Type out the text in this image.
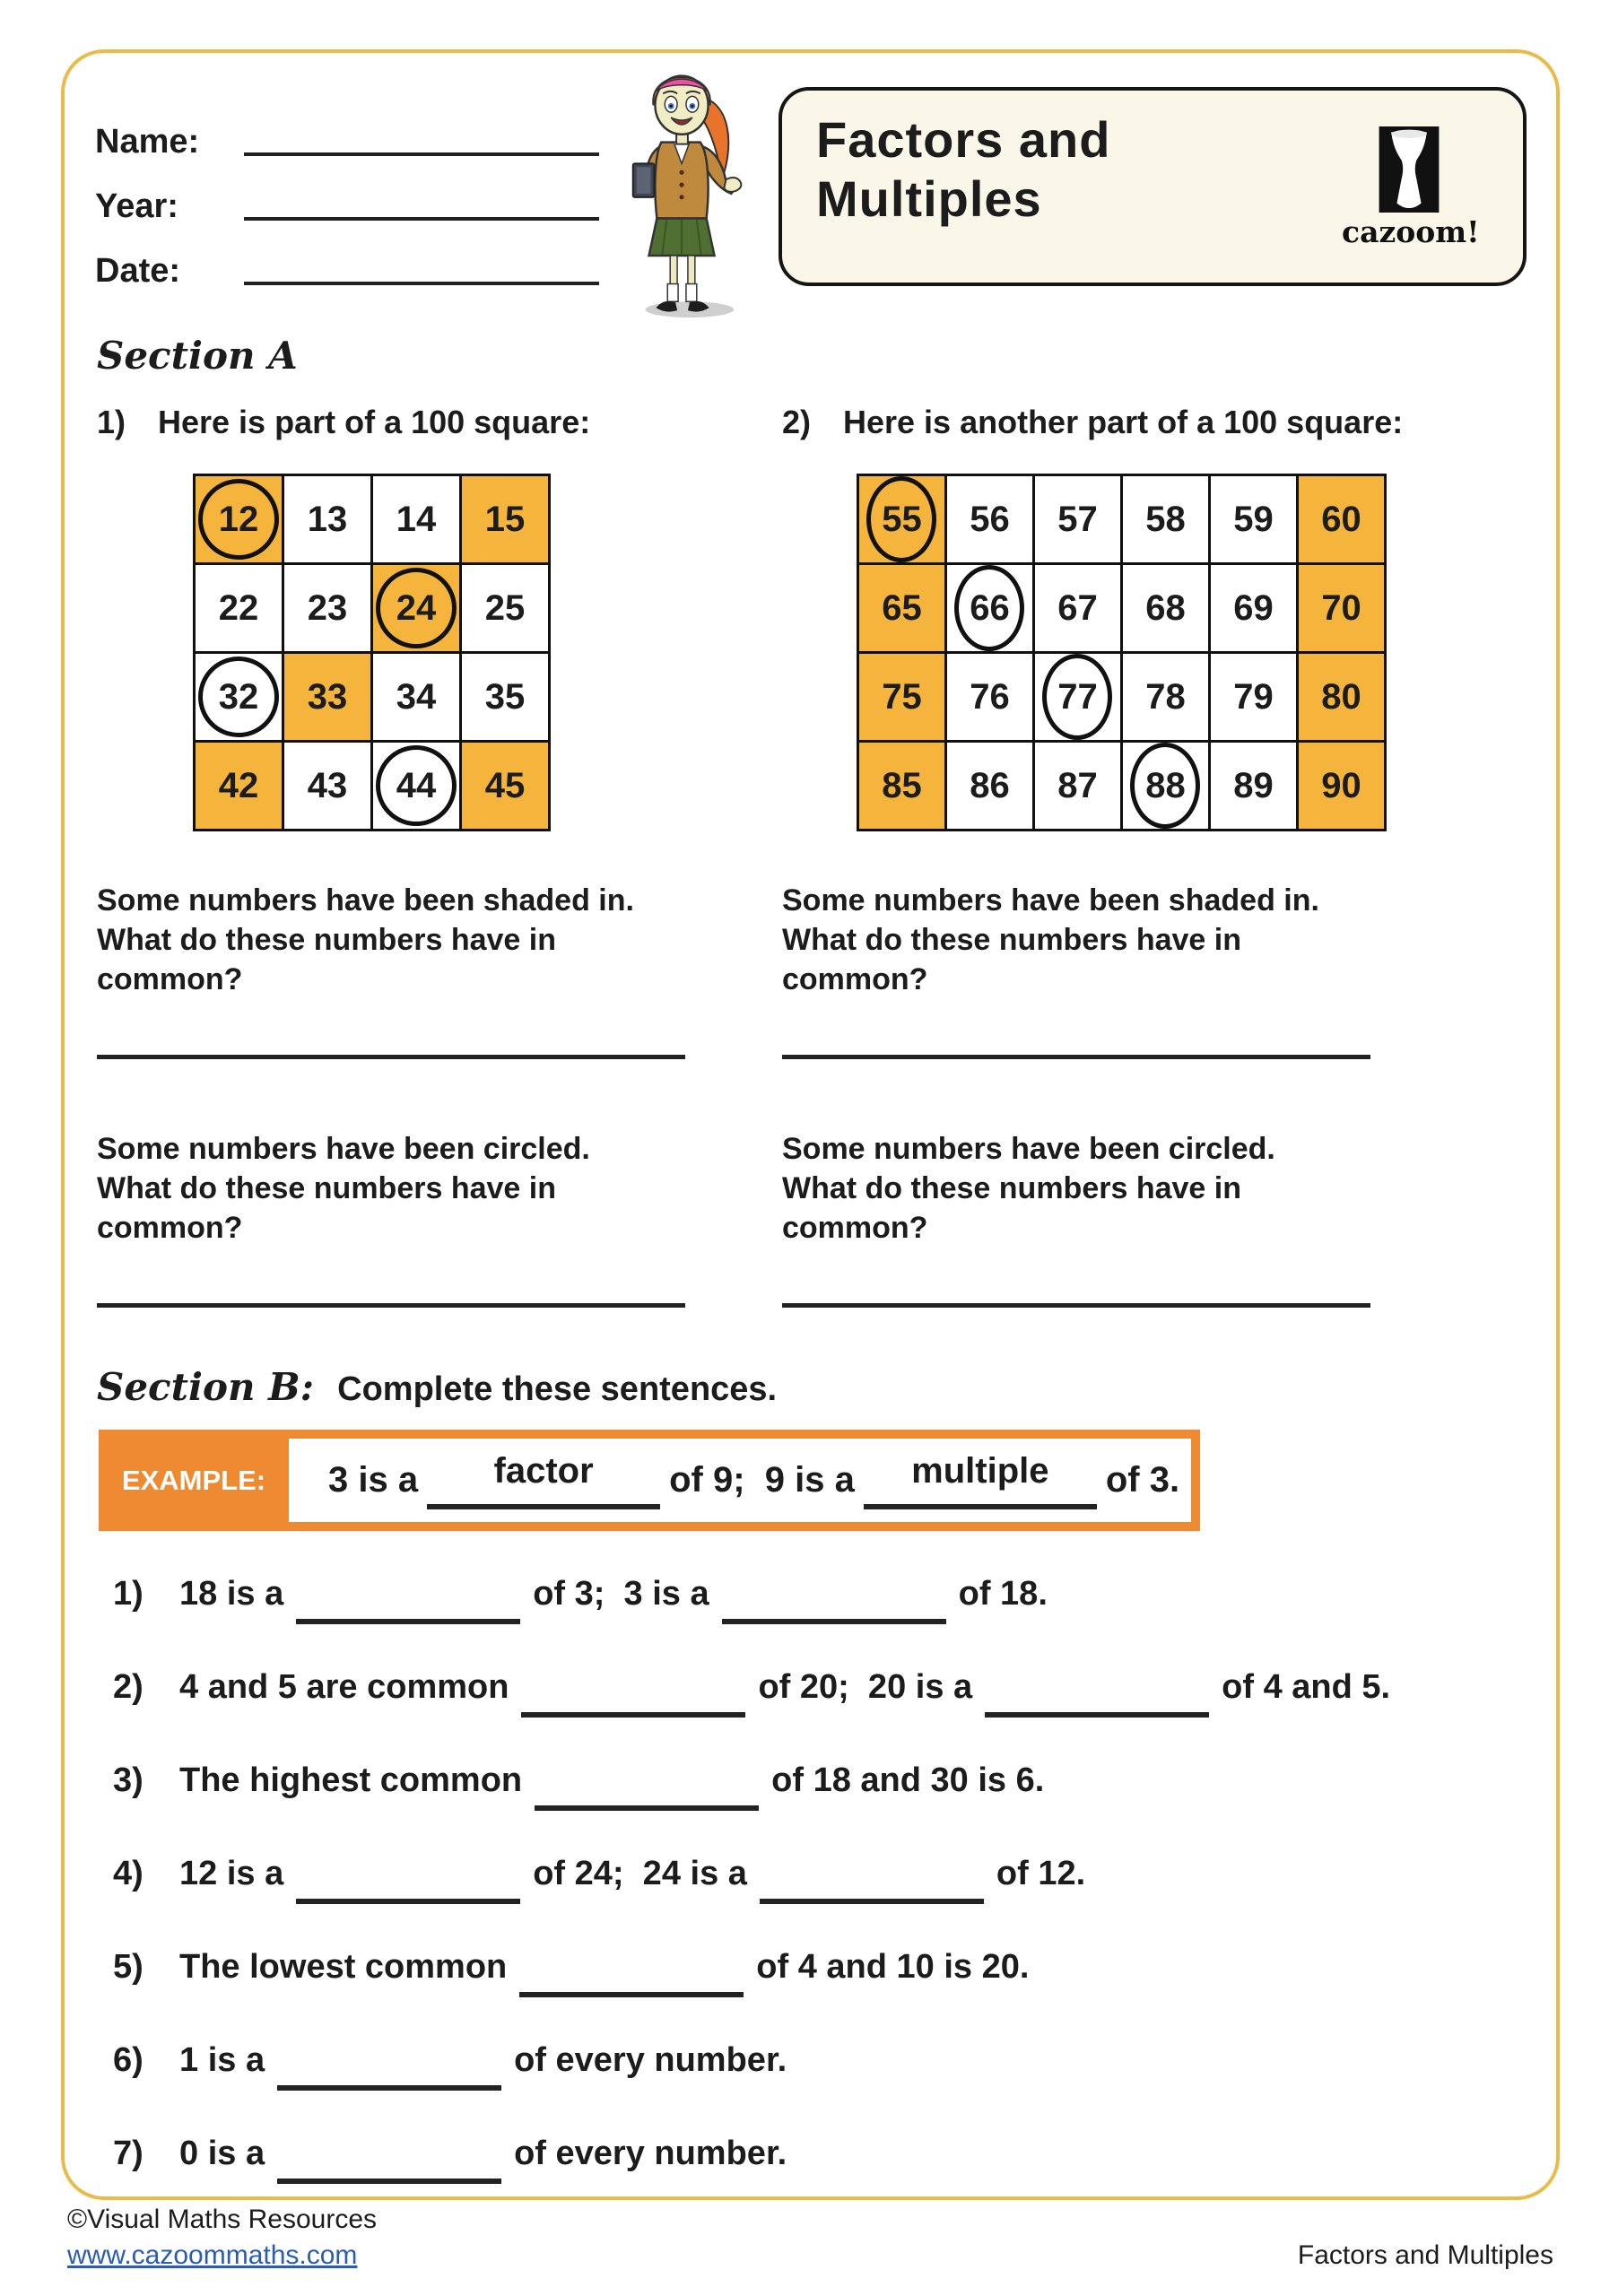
Name:
Year:
Date:
Factors and
Multiples
cazoom!
Section A
1) Here is part of a 100 square:	2) Here is another part of a 100 square:
12 13 14 15
22 23 24 25
32 33 34 35
42 43 44 45
55 56 57 58 59 60
65 66 67 68 69 70
75 76 77 78 79 80
85 86 87 88 89 90
Some numbers have been shaded in.
What do these numbers have in
common?
Some numbers have been circled.
What do these numbers have in
common?
Some numbers have been shaded in.
What do these numbers have in
common?
Some numbers have been circled.
What do these numbers have in
common?
Section B: Complete these sentences.
EXAMPLE:	3 is a	factor	of 9;  9 is a	multiple	of 3.
1)	18 is a	of 3;  3 is a	of 18.
2)	4 and 5 are common	of 20;  20 is a	of 4 and 5.
3)	The highest common	of 18 and 30 is 6.
4)	12 is a	of 24;  24 is a	of 12.
5)	The lowest common	of 4 and 10 is 20.
6)	1 is a	of every number.
7)	0 is a	of every number.
©Visual Maths Resources
www.cazoommaths.com	Factors and Multiples
